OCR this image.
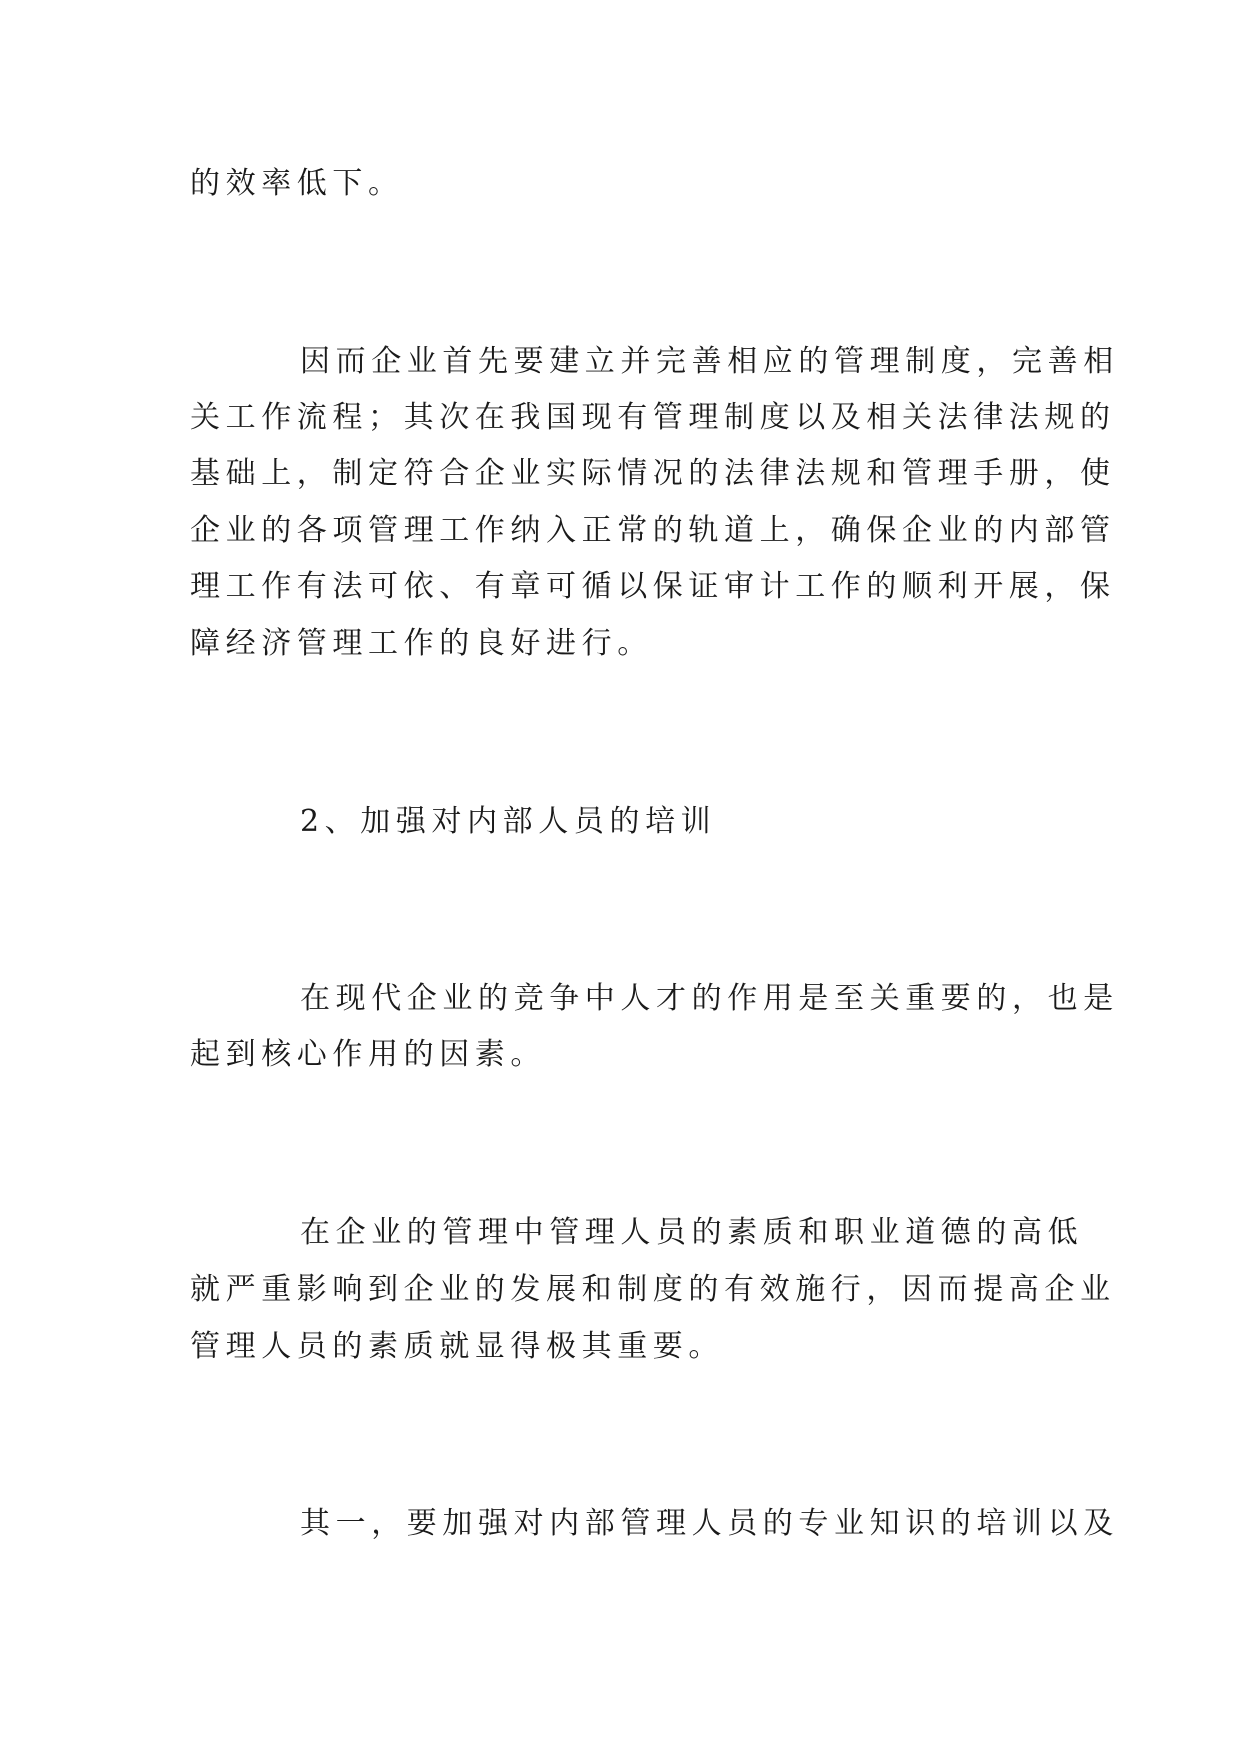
的效率低下。
因而企业首先要建立并完善相应的管理制度，完善相
关工作流程；其次在我国现有管理制度以及相关法律法规的
基础上，制定符合企业实际情况的法律法规和管理手册，使
企业的各项管理工作纳入正常的轨道上，确保企业的内部管
理工作有法可依、有章可循以保证审计工作的顺利开展，保
障经济管理工作的良好进行。
2、加强对内部人员的培训
在现代企业的竞争中人才的作用是至关重要的，也是
起到核心作用的因素。
在企业的管理中管理人员的素质和职业道德的高低
就严重影响到企业的发展和制度的有效施行，因而提高企业
管理人员的素质就显得极其重要。
其一，要加强对内部管理人员的专业知识的培训以及
